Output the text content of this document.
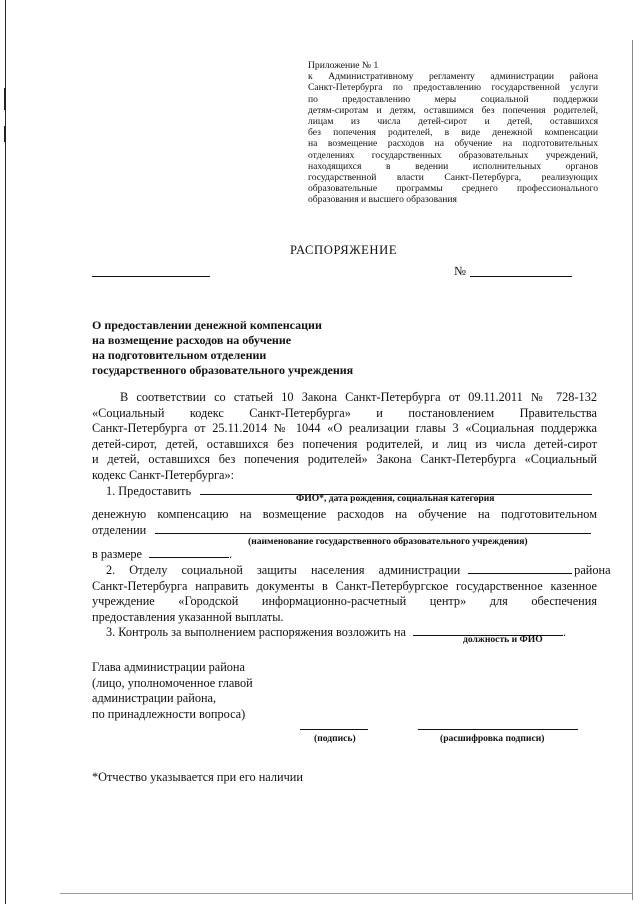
Приложение № 1
к Административному регламенту администрации района
Санкт-Петербурга по предоставлению государственной услуги
по предоставлению меры социальной поддержки
детям-сиротам и детям, оставшимся без попечения родителей,
лицам из числа детей-сирот и детей, оставшихся
без попечения родителей, в виде денежной компенсации
на возмещение расходов на обучение на подготовительных
отделениях государственных образовательных учреждений,
находящихся в ведении исполнительных органов
государственной власти Санкт-Петербурга, реализующих
образовательные программы среднего профессионального
образования и высшего образования
РАСПОРЯЖЕНИЕ
№
О предоставлении денежной компенсации
на возмещение расходов на обучение
на подготовительном отделении
государственного образовательного учреждения
В соответствии со статьей 10 Закона Санкт-Петербурга от 09.11.2011 № 728-132
«Социальный кодекс Санкт-Петербурга» и постановлением Правительства
Санкт-Петербурга от 25.11.2014 № 1044 «О реализации главы 3 «Социальная поддержка
детей-сирот, детей, оставшихся без попечения родителей, и лиц из числа детей-сирот
и детей, оставшихся без попечения родителей» Закона Санкт-Петербурга «Социальный
кодекс Санкт-Петербурга»:
1. Предоставить
ФИО*, дата рождения, социальная категория
денежную компенсацию на возмещение расходов на обучение на подготовительном
отделении
(наименование государственного образовательного учреждения)
в размере	.
2. Отделу социальной защиты населения администрации	района
Санкт-Петербурга направить документы в Санкт-Петербургское государственное казенное
учреждение «Городской информационно-расчетный центр» для обеспечения
предоставления указанной выплаты.
3. Контроль за выполнением распоряжения возложить на	.
должность и ФИО
Глава администрации района
(лицо, уполномоченное главой
администрации района,
по принадлежности вопроса)
(подпись)	(расшифровка подписи)
*Отчество указывается при его наличии
